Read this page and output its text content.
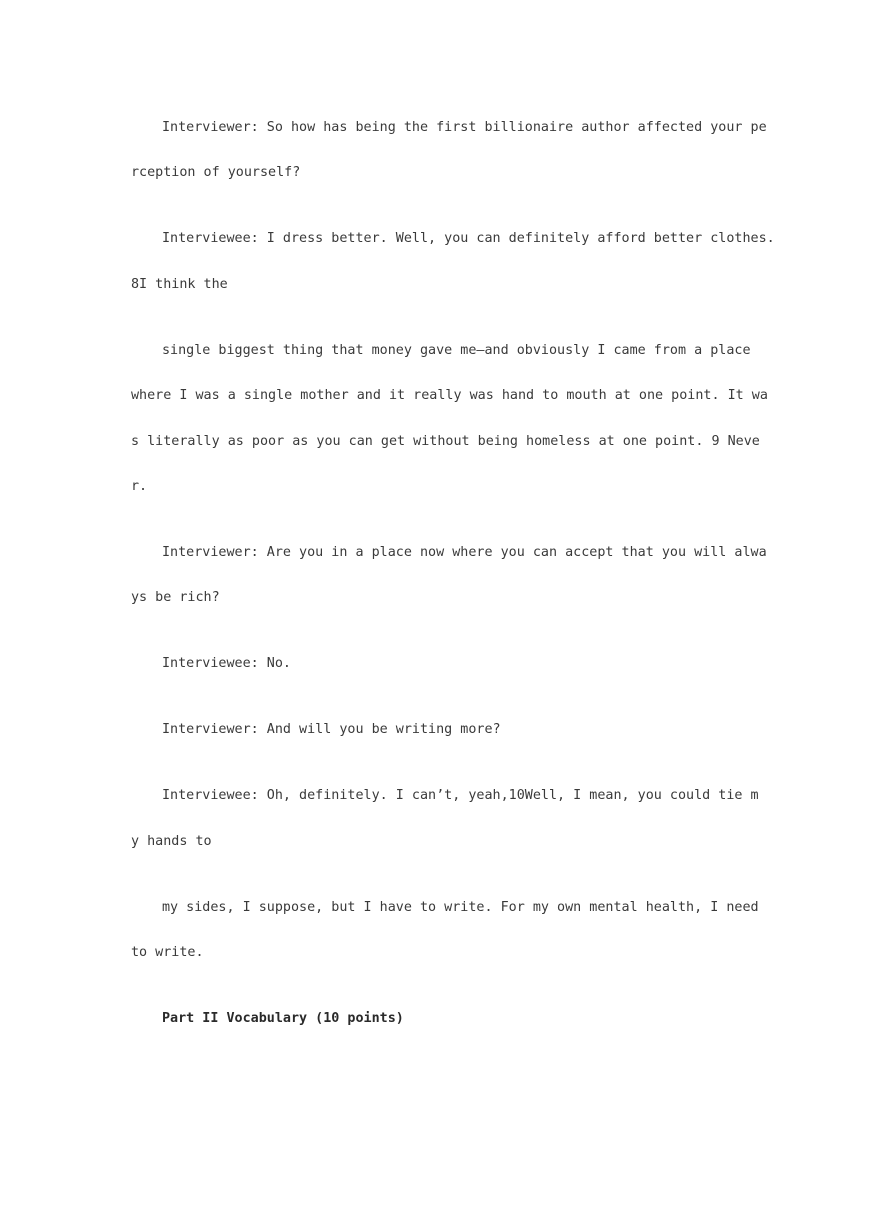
Interviewer: So how has being the first billionaire author affected your pe
rception of yourself?
Interviewee: I dress better. Well, you can definitely afford better clothes.
8I think the
single biggest thing that money gave me—and obviously I came from a place
where I was a single mother and it really was hand to mouth at one point. It wa
s literally as poor as you can get without being homeless at one point. 9 Neve
r.
Interviewer: Are you in a place now where you can accept that you will alwa
ys be rich?
Interviewee: No.
Interviewer: And will you be writing more?
Interviewee: Oh, definitely. I can’t, yeah,10Well, I mean, you could tie m
y hands to
my sides, I suppose, but I have to write. For my own mental health, I need
to write.
Part II Vocabulary (10 points)
